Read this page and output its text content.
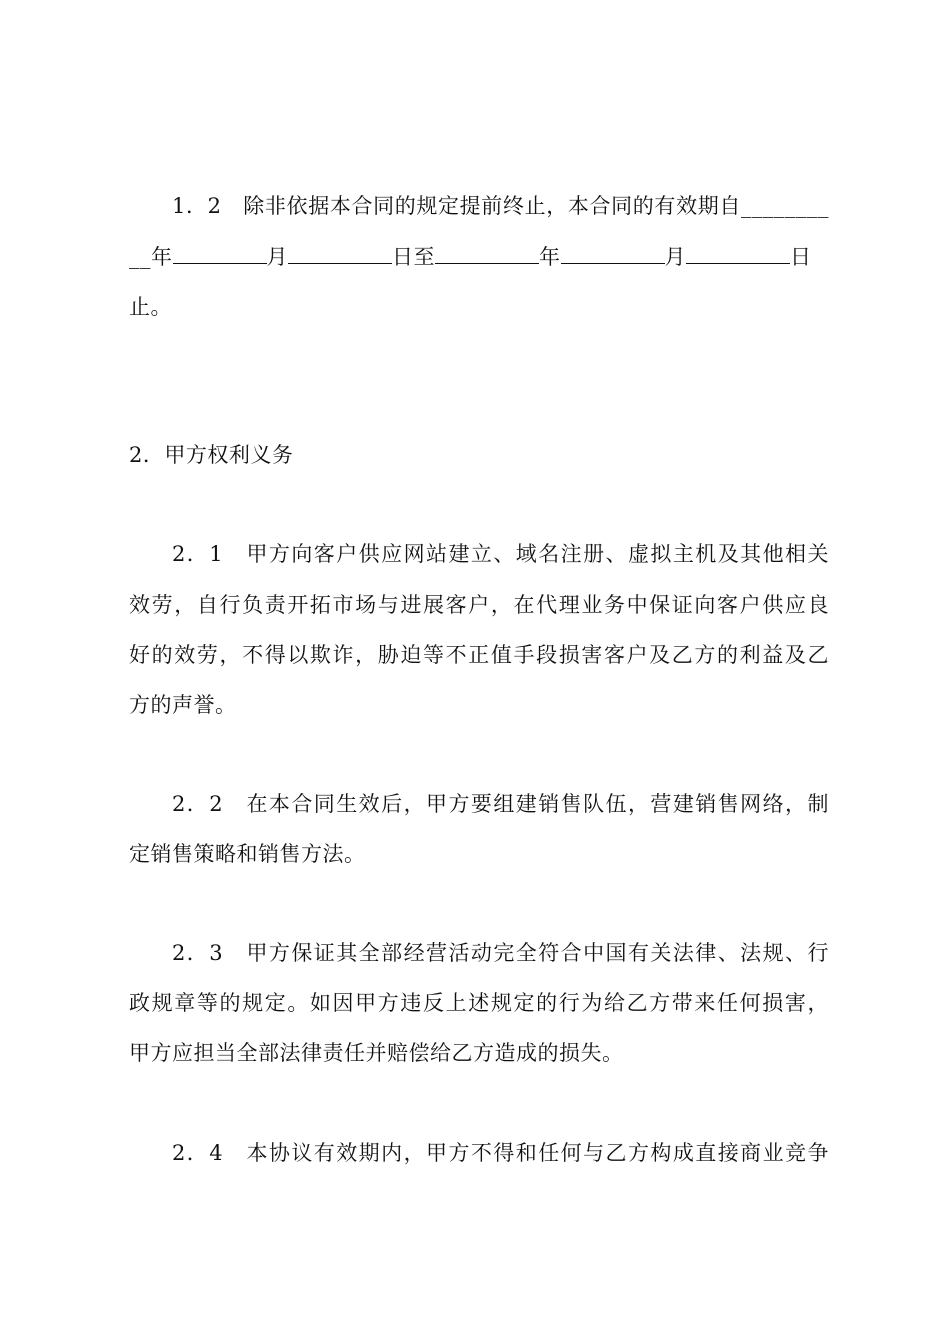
1．2　除非依据本合同的规定提前终止，本合同的有效期自________
__年	月	日至	年	月	日
止。
2．甲方权利义务
2．1　甲方向客户供应网站建立、域名注册、虚拟主机及其他相关
效劳，自行负责开拓市场与进展客户，在代理业务中保证向客户供应良
好的效劳，不得以欺诈，胁迫等不正值手段损害客户及乙方的利益及乙
方的声誉。
2．2　在本合同生效后，甲方要组建销售队伍，营建销售网络，制
定销售策略和销售方法。
2．3　甲方保证其全部经营活动完全符合中国有关法律、法规、行
政规章等的规定。如因甲方违反上述规定的行为给乙方带来任何损害，
甲方应担当全部法律责任并赔偿给乙方造成的损失。
2．4　本协议有效期内，甲方不得和任何与乙方构成直接商业竞争
